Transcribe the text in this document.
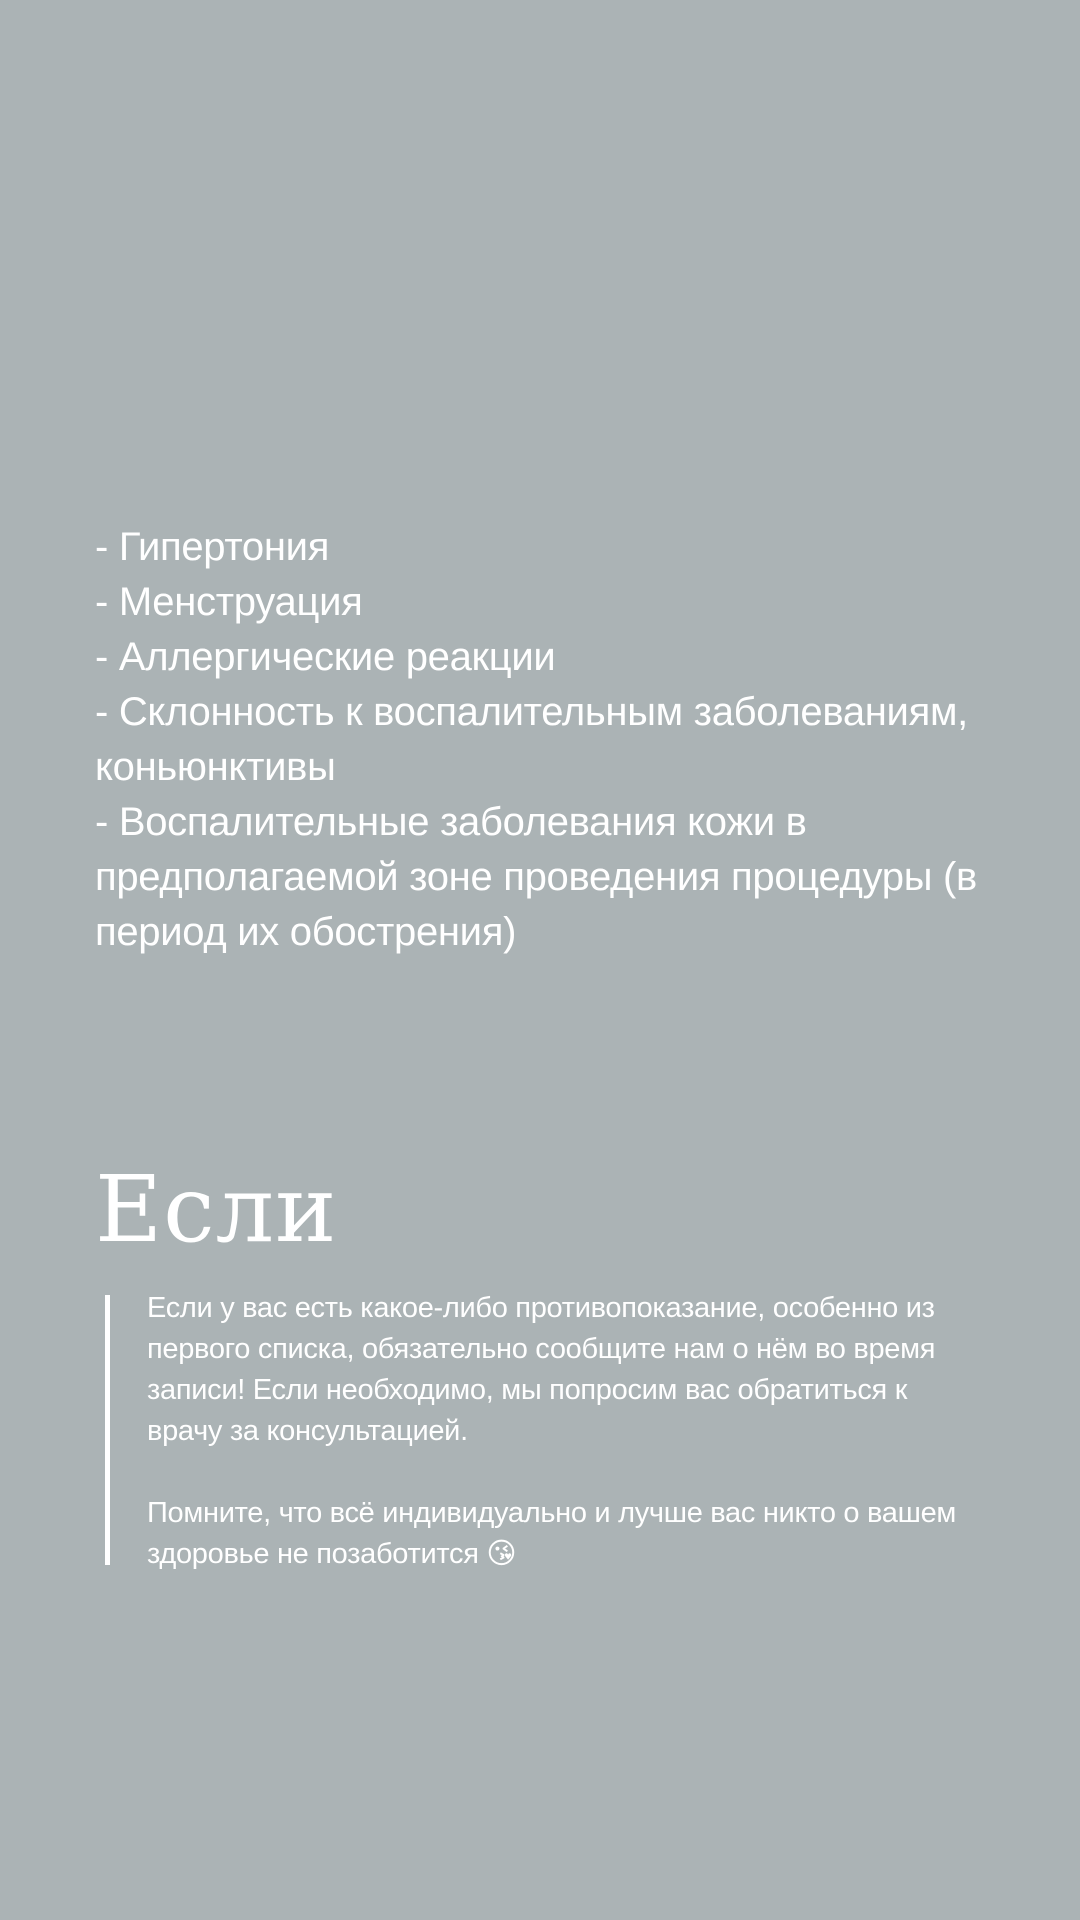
- Гипертония
- Менструация
- Аллергические реакции
- Склонность к воспалительным заболеваниям, коньюнктивы
- Воспалительные заболевания кожи в предполагаемой зоне проведения процедуры (в период их обострения)
Если

Если у вас есть какое-либо противопоказание, особенно из первого списка, обязательно сообщите нам о нём во время записи! Если необходимо, мы попросим вас обратиться к врачу за консультацией.

Помните, что всё индивидуально и лучше вас никто о вашем здоровье не позаботится 😘
